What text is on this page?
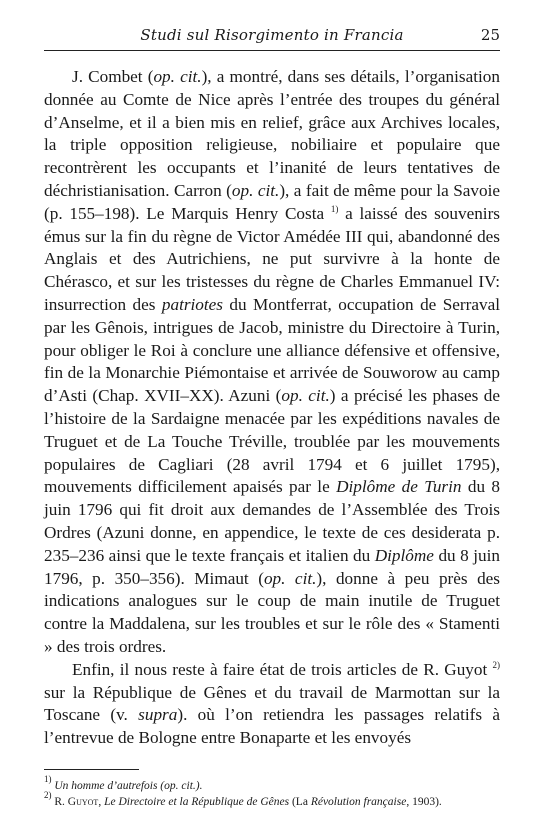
Studi sul Risorgimento in Francia	25

J. Combet (op. cit.), a montré, dans ses détails, l’organisation donnée au Comte de Nice après l’entrée des troupes du général d’Anselme, et il a bien mis en relief, grâce aux Archives locales, la triple opposition religieuse, nobiliaire et populaire que recontrèrent les occupants et l’inanité de leurs tentatives de déchristianisation. Carron (op. cit.), a fait de même pour la Savoie (p. 155–198). Le Marquis Henry Costa $^{1)}$ a laissé des souvenirs émus sur la fin du règne de Victor Amédée III qui, abandonné des Anglais et des Autrichiens, ne put survivre à la honte de Chérasco, et sur les tristesses du règne de Charles Emmanuel IV: insurrection des patriotes du Montferrat, occupation de Serraval par les Gênois, intrigues de Jacob, ministre du Directoire à Turin, pour obliger le Roi à conclure une alliance défensive et offensive, fin de la Monarchie Piémontaise et arrivée de Souworow au camp d’Asti (Chap. XVII–XX). Azuni (op. cit.) a précisé les phases de l’histoire de la Sardaigne menacée par les expéditions navales de Truguet et de La Touche Tréville, troublée par les mouvements populaires de Cagliari (28 avril 1794 et 6 juillet 1795), mouvements difficilement apaisés par le Diplôme de Turin du 8 juin 1796 qui fit droit aux demandes de l’Assemblée des Trois Ordres (Azuni donne, en appendice, le texte de ces desiderata p. 235–236 ainsi que le texte français et italien du Diplôme du 8 juin 1796, p. 350–356). Mimaut (op. cit.), donne à peu près des indications analogues sur le coup de main inutile de Truguet contre la Maddalena, sur les troubles et sur le rôle des « Stamenti » des trois ordres.

Enfin, il nous reste à faire état de trois articles de R. Guyot $^{2)}$ sur la République de Gênes et du travail de Marmottan sur la Toscane (v. supra). où l’on retiendra les passages relatifs à l’entrevue de Bologne entre Bonaparte et les envoyés

$^{1)}$ Un homme d’autrefois (op. cit.).

$^{2)}$ R. Guyot, Le Directoire et la République de Gênes (La Révolution française, 1903).
